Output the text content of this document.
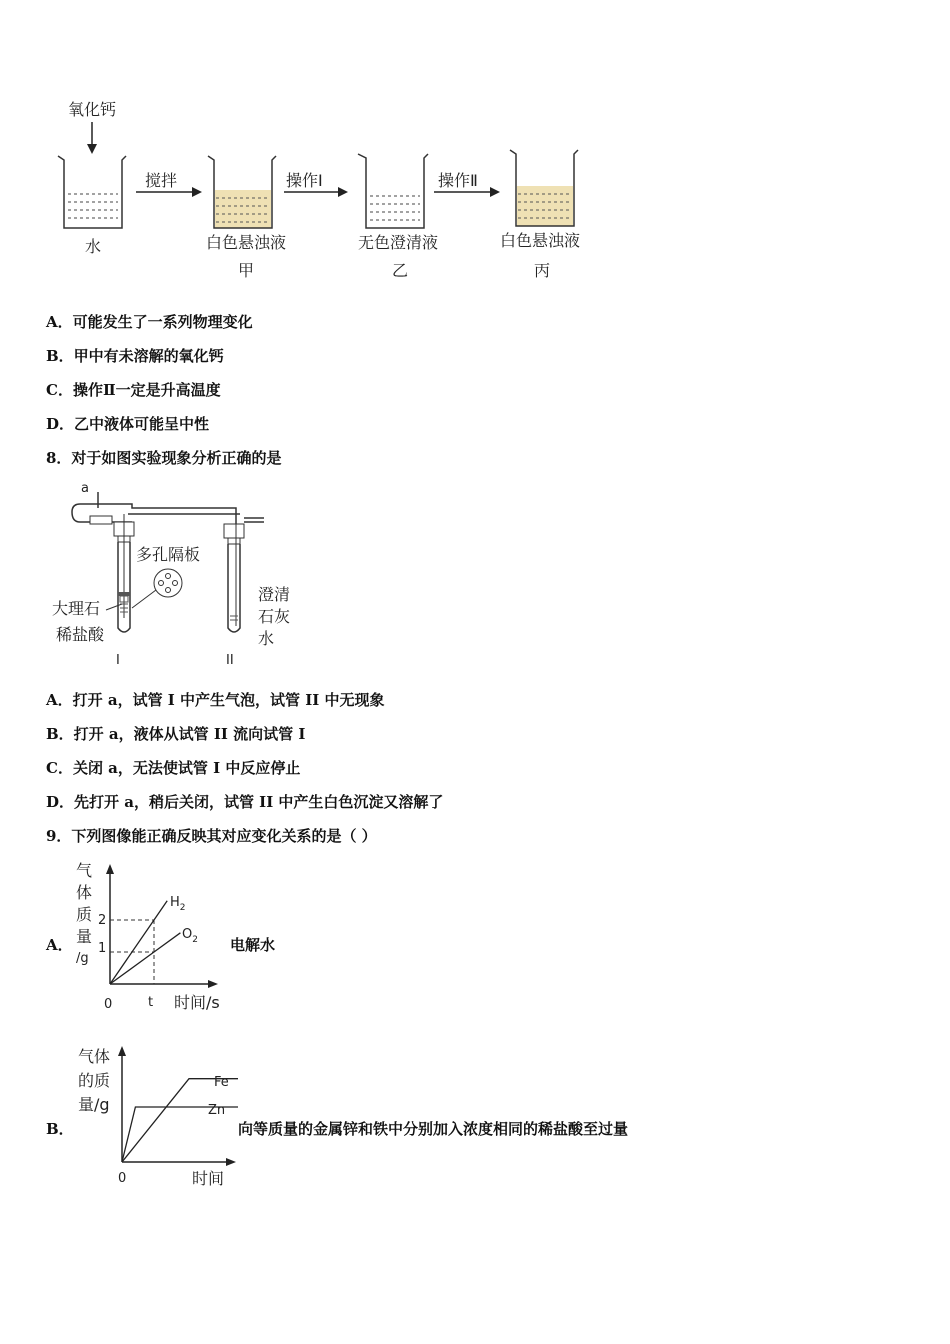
氧化钙
水
搅拌
白色悬浊液
甲
操作Ⅰ
无色澄清液
乙
操作Ⅱ
白色悬浊液
丙
A．可能发生了一系列物理变化
B．甲中有未溶解的氧化钙
C．操作Ⅱ一定是升高温度
D．乙中液体可能呈中性
8．对于如图实验现象分析正确的是
a
多孔隔板
大理石
稀盐酸
澄清
石灰
水
I	II
A．打开 a，试管 I 中产生气泡，试管 II 中无现象
B．打开 a，液体从试管 II 流向试管 I
C．关闭 a，无法使试管 I 中反应停止
D．先打开 a，稍后关闭，试管 II 中产生白色沉淀又溶解了
9．下列图像能正确反映其对应变化关系的是（ ）
A．
气
体
质
量
/g
2
1
0	t 时间/s
$H_2$
$O_2$ 电解水
B．
气体
的质
量/g
0	时间
Fe
Zn
向等质量的金属锌和铁中分别加入浓度相同的稀盐酸至过量
